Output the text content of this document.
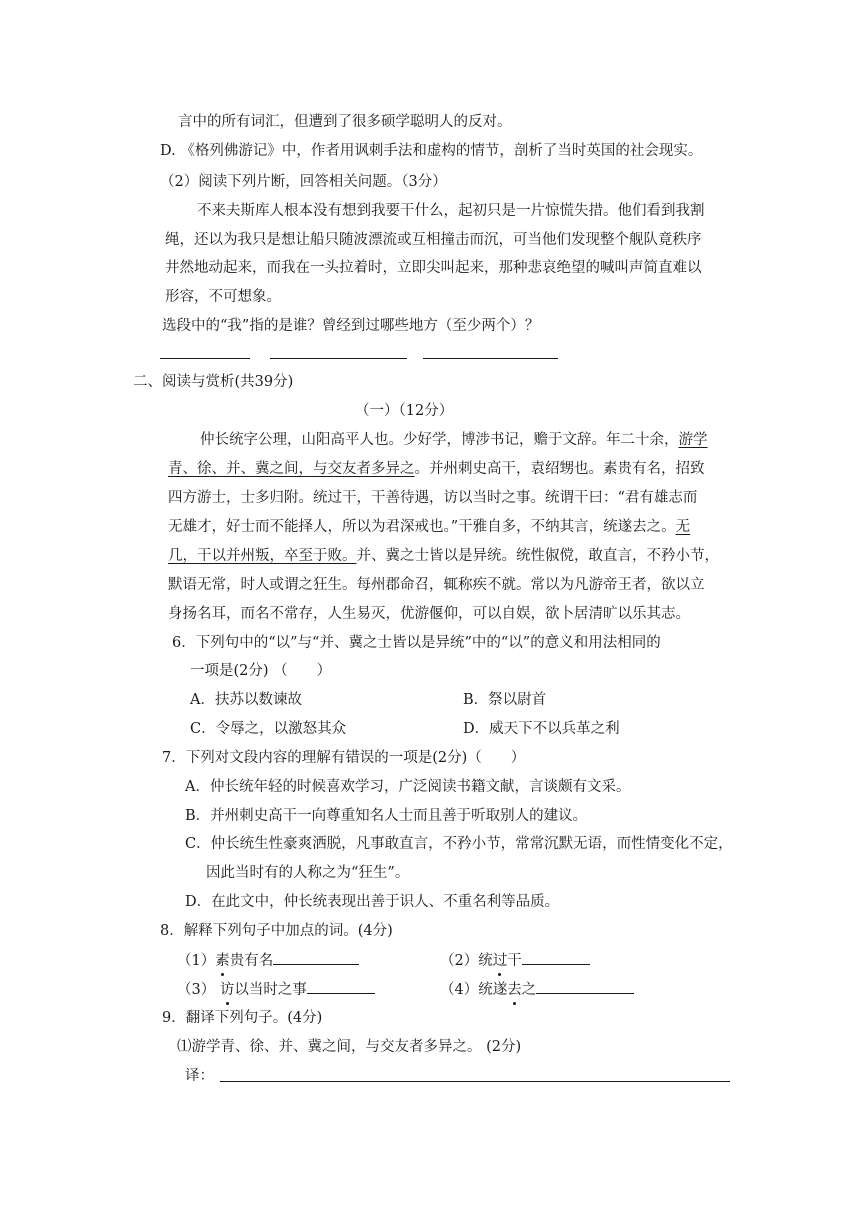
言中的所有词汇，但遭到了很多硕学聪明人的反对。
D. 《格列佛游记》中，作者用讽刺手法和虚构的情节，剖析了当时英国的社会现实。
（2）阅读下列片断，回答相关问题。（3分）
不来夫斯库人根本没有想到我要干什么，起初只是一片惊慌失措。他们看到我割
绳，还以为我只是想让船只随波漂流或互相撞击而沉，可当他们发现整个舰队竟秩序
井然地动起来，而我在一头拉着时，立即尖叫起来，那种悲哀绝望的喊叫声简直难以
形容，不可想象。
选段中的“我”指的是谁？曾经到过哪些地方（至少两个）？
二、阅读与赏析(共39分)
（一）（12分）
仲长统字公理，山阳高平人也。少好学，博涉书记，赡于文辞。年二十余，游学
青、徐、并、冀之间，与交友者多异之。并州刺史高干，袁绍甥也。素贵有名，招致
四方游士，士多归附。统过干，干善待遇，访以当时之事。统谓干曰：“君有雄志而
无雄才，好士而不能择人，所以为君深戒也。”干雅自多，不纳其言，统遂去之。无
几，干以并州叛，卒至于败。并、冀之士皆以是异统。统性俶傥，敢直言，不矜小节，
默语无常，时人或谓之狂生。每州郡命召，辄称疾不就。常以为凡游帝王者，欲以立
身扬名耳，而名不常存，人生易灭，优游偃仰，可以自娱，欲卜居清旷以乐其志。
6．下列句中的“以”与“并、冀之士皆以是异统”中的“以”的意义和用法相同的
一项是(2分) （　　）
A．扶苏以数谏故	B．祭以尉首
C．令辱之，以激怒其众	D．威天下不以兵革之利
7．下列对文段内容的理解有错误的一项是(2分)（　　）
A．仲长统年轻的时候喜欢学习，广泛阅读书籍文献，言谈颇有文采。
B．并州刺史高干一向尊重知名人士而且善于听取别人的建议。
C．仲长统生性豪爽洒脱，凡事敢直言，不矜小节，常常沉默无语，而性情变化不定，
因此当时有的人称之为“狂生”。
D．在此文中，仲长统表现出善于识人、不重名利等品质。
8．解释下列句子中加点的词。(4分)
（1）素贵有名	（2）统过干
（3） 访以当时之事	（4）统遂去之
9．翻译下列句子。(4分)
⑴游学青、徐、并、冀之间，与交友者多异之。 (2分)
译：
